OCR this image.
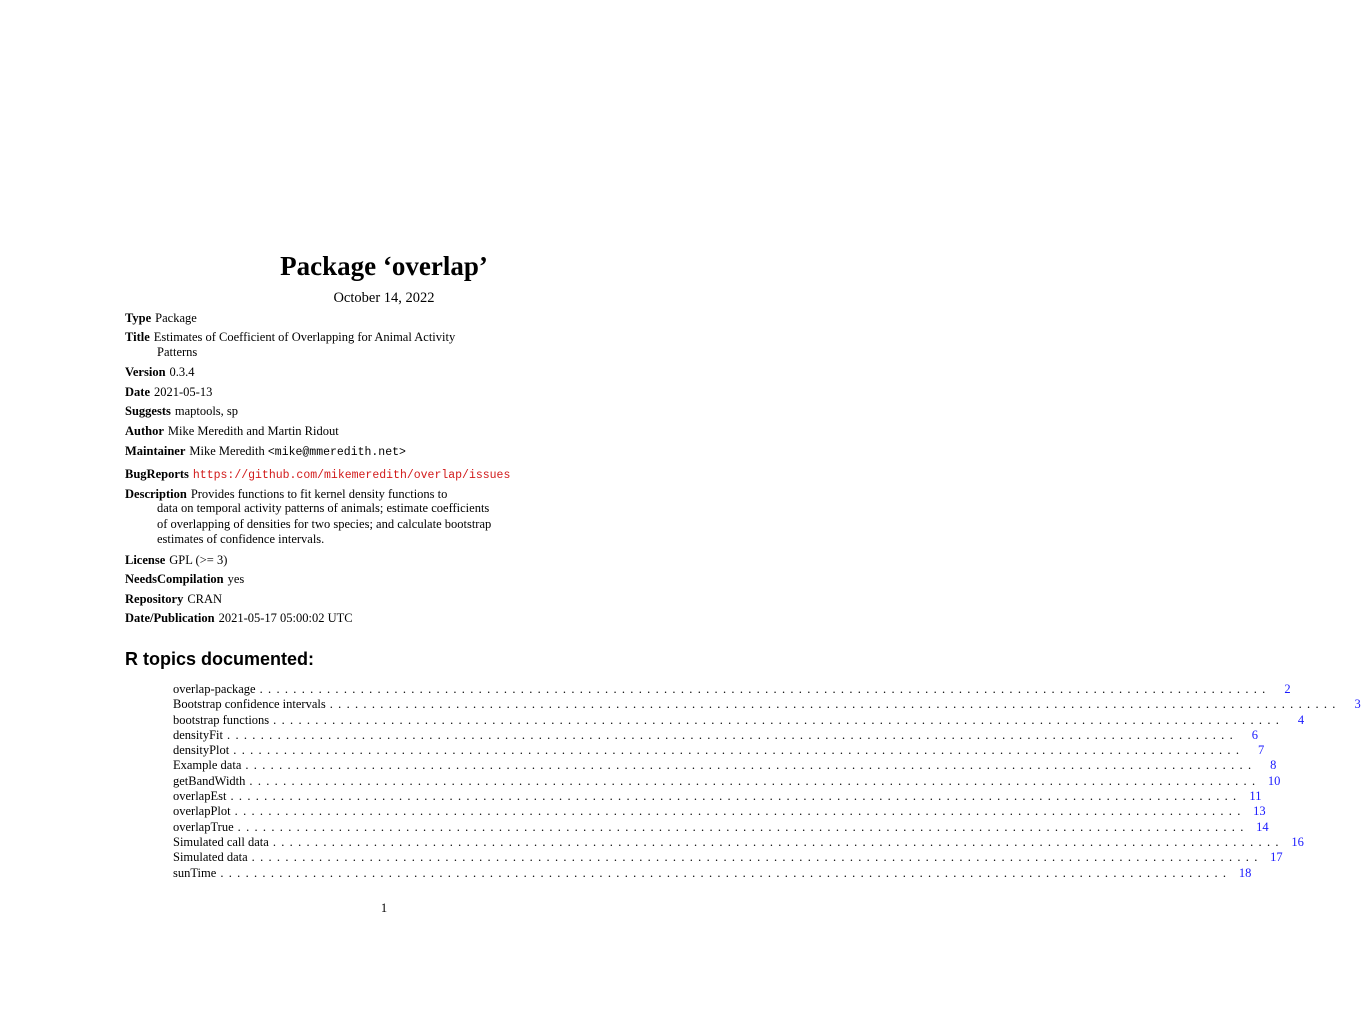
Package ‘overlap’
October 14, 2022
Type Package
Title Estimates of Coefficient of Overlapping for Animal Activity
Patterns
Version 0.3.4
Date 2021-05-13
Suggests maptools, sp
Author Mike Meredith and Martin Ridout
Maintainer Mike Meredith <mike@mmeredith.net>
BugReports https://github.com/mikemeredith/overlap/issues
Description Provides functions to fit kernel density functions to
data on temporal activity patterns of animals; estimate coefficients
of overlapping of densities for two species; and calculate bootstrap
estimates of confidence intervals.
License GPL (>= 3)
NeedsCompilation yes
Repository CRAN
Date/Publication 2021-05-17 05:00:02 UTC
R topics documented:
overlap-package ........................................................................................................................	2
Bootstrap confidence intervals ........................................................................................................................	3
bootstrap functions ........................................................................................................................	4
densityFit ........................................................................................................................	6
densityPlot ........................................................................................................................	7
Example data ........................................................................................................................	8
getBandWidth ........................................................................................................................ 10
overlapEst ........................................................................................................................ 11
overlapPlot ........................................................................................................................ 13
overlapTrue ........................................................................................................................ 14
Simulated call data ........................................................................................................................ 16
Simulated data ........................................................................................................................ 17
sunTime ........................................................................................................................ 18
1
